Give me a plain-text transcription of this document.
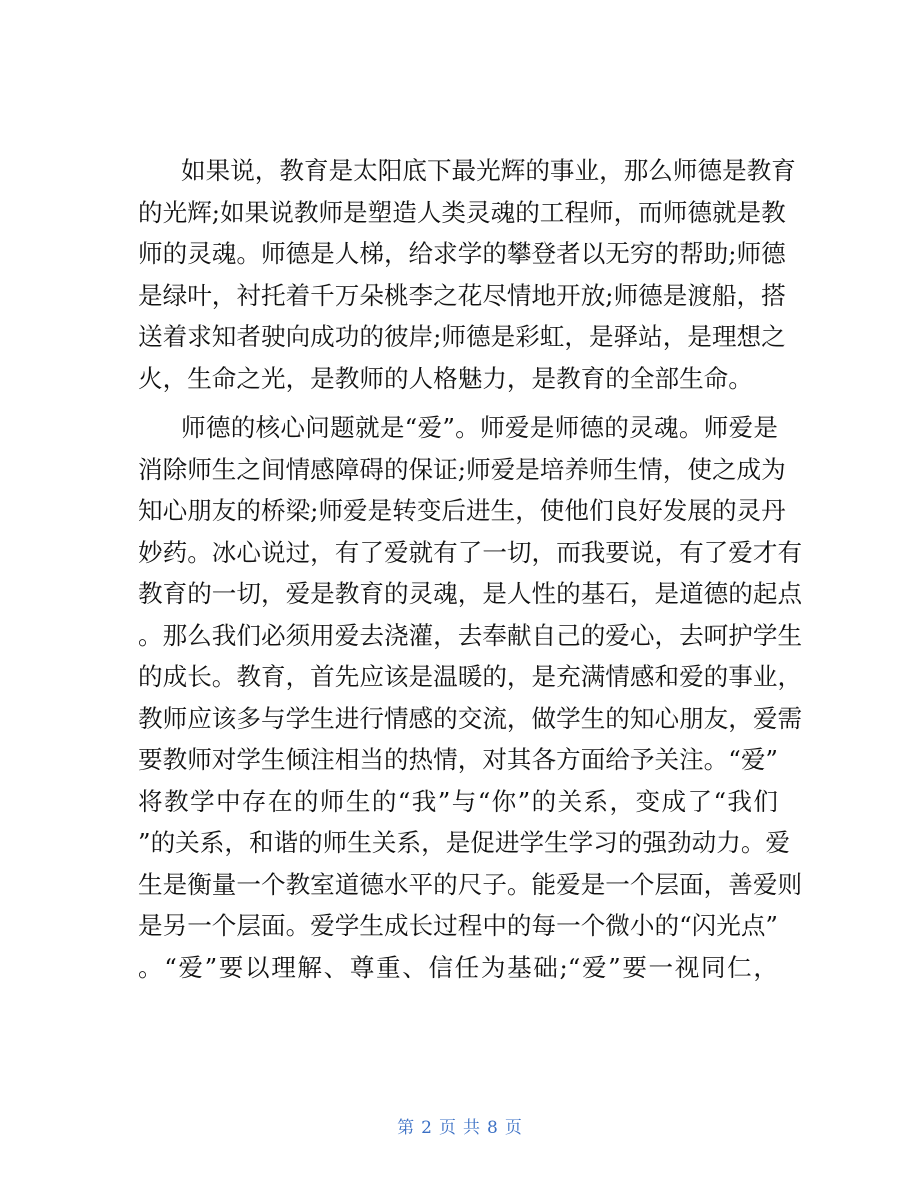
如果说，教育是太阳底下最光辉的事业，那么师德是教育
的光辉;如果说教师是塑造人类灵魂的工程师，而师德就是教
师的灵魂。师德是人梯，给求学的攀登者以无穷的帮助;师德
是绿叶，衬托着千万朵桃李之花尽情地开放;师德是渡船，搭
送着求知者驶向成功的彼岸;师德是彩虹，是驿站，是理想之
火，生命之光，是教师的人格魅力，是教育的全部生命。
师德的核心问题就是“爱”。师爱是师德的灵魂。师爱是
消除师生之间情感障碍的保证;师爱是培养师生情，使之成为
知心朋友的桥梁;师爱是转变后进生，使他们良好发展的灵丹
妙药。冰心说过，有了爱就有了一切，而我要说，有了爱才有
教育的一切，爱是教育的灵魂，是人性的基石，是道德的起点
。那么我们必须用爱去浇灌，去奉献自己的爱心，去呵护学生
的成长。教育，首先应该是温暖的，是充满情感和爱的事业，
教师应该多与学生进行情感的交流，做学生的知心朋友，爱需
要教师对学生倾注相当的热情，对其各方面给予关注。“爱”
将教学中存在的师生的“我”与“你”的关系，变成了“我们
”的关系，和谐的师生关系，是促进学生学习的强劲动力。爱
生是衡量一个教室道德水平的尺子。能爱是一个层面，善爱则
是另一个层面。爱学生成长过程中的每一个微小的“闪光点”
。“爱”要以理解、尊重、信任为基础;“爱”要一视同仁，
第 2 页 共 8 页
